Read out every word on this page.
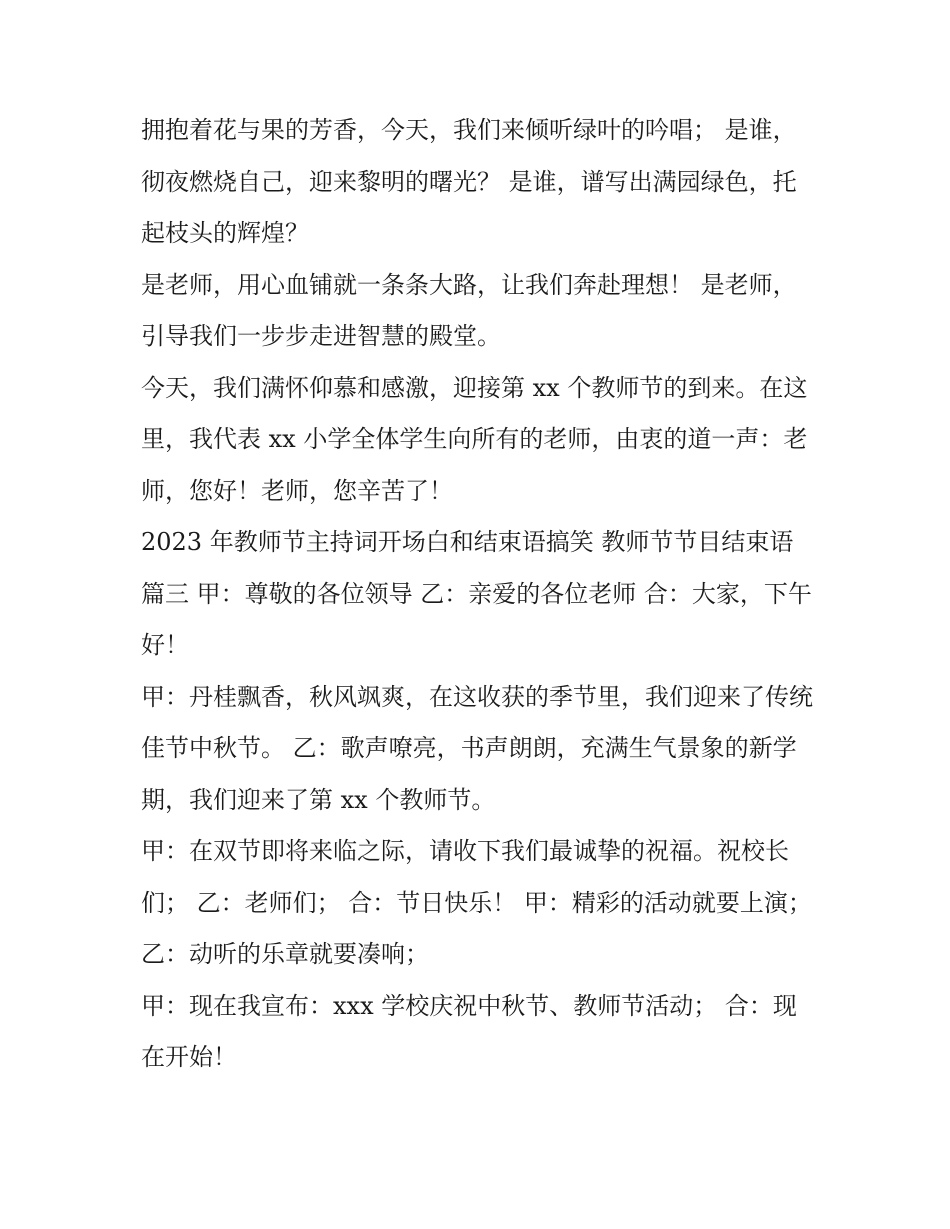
拥抱着花与果的芳香，今天，我们来倾听绿叶的吟唱； 是谁，彻夜燃烧自己，迎来黎明的曙光？ 是谁，谱写出满园绿色，托起枝头的辉煌？

是老师，用心血铺就一条条大路，让我们奔赴理想！ 是老师，引导我们一步步走进智慧的殿堂。

今天，我们满怀仰慕和感激，迎接第 xx 个教师节的到来。在这里，我代表 xx 小学全体学生向所有的老师，由衷的道一声：老师，您好！老师，您辛苦了！

2023 年教师节主持词开场白和结束语搞笑 教师节节目结束语篇三 甲：尊敬的各位领导 乙：亲爱的各位老师 合：大家，下午好！

甲：丹桂飘香，秋风飒爽，在这收获的季节里，我们迎来了传统佳节中秋节。 乙：歌声嘹亮，书声朗朗，充满生气景象的新学期，我们迎来了第 xx 个教师节。

甲：在双节即将来临之际，请收下我们最诚挚的祝福。祝校长们； 乙：老师们； 合：节日快乐！ 甲：精彩的活动就要上演； 乙：动听的乐章就要凑响；

甲：现在我宣布：xxx 学校庆祝中秋节、教师节活动； 合：现在开始！
